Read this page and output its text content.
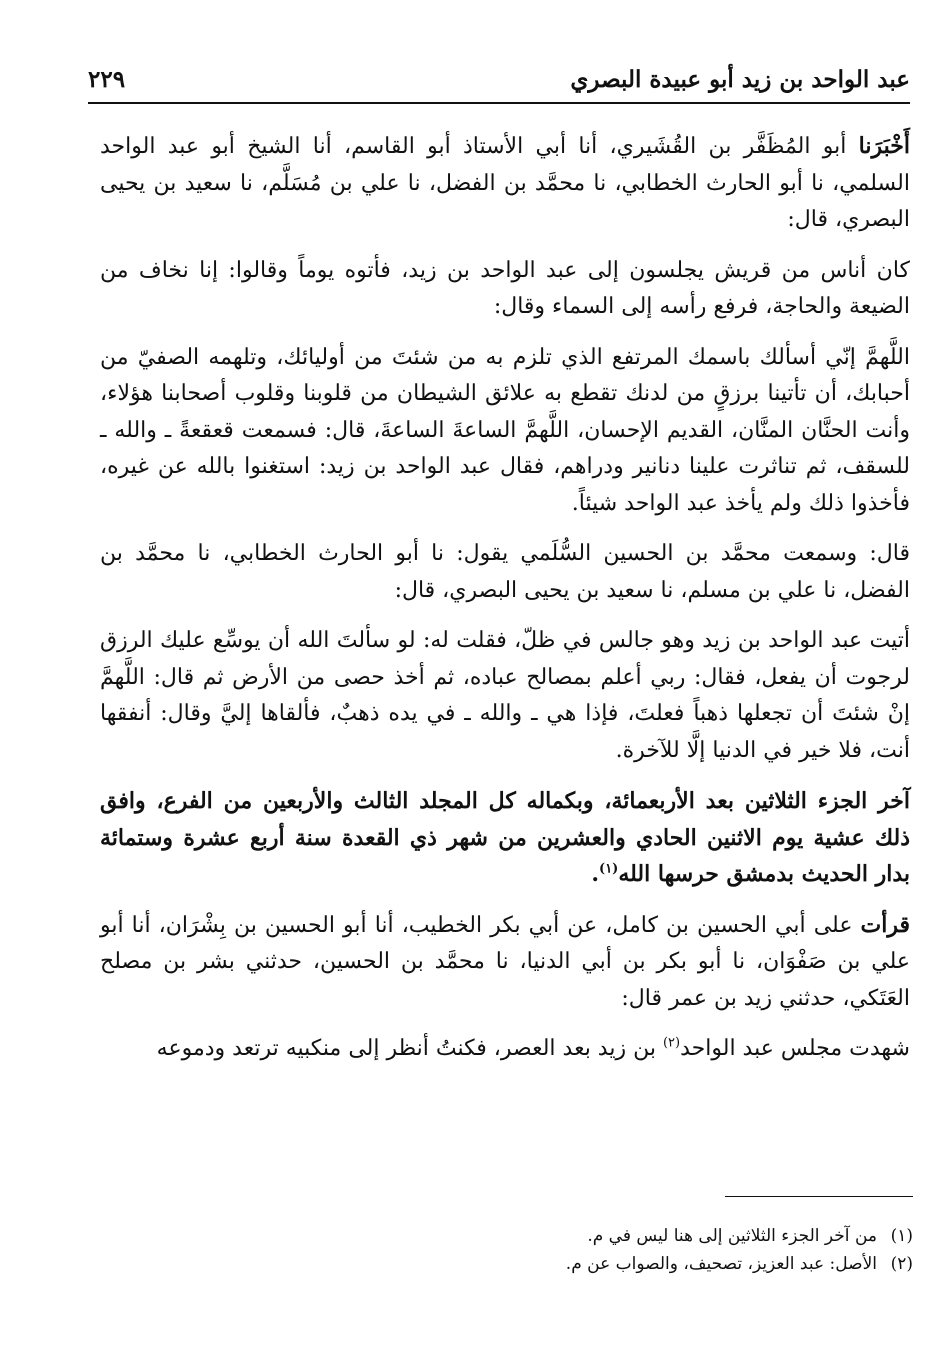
عبد الواحد بن زيد أبو عبيدة البصري
٢٢٩

أَخْبَرَنا أبو المُظَفَّر بن القُشَيري، أنا أبي الأستاذ أبو القاسم، أنا الشيخ أبو عبد الواحد السلمي، نا أبو الحارث الخطابي، نا محمَّد بن الفضل، نا علي بن مُسَلَّم، نا سعيد بن يحيى البصري، قال:

كان أناس من قريش يجلسون إلى عبد الواحد بن زيد، فأتوه يوماً وقالوا: إنا نخاف من الضيعة والحاجة، فرفع رأسه إلى السماء وقال:

اللَّهمَّ إنّي أسألك باسمك المرتفع الذي تلزم به من شئتَ من أوليائك، وتلهمه الصفيّ من أحبابك، أن تأتينا برزقٍ من لدنك تقطع به علائق الشيطان من قلوبنا وقلوب أصحابنا هؤلاء، وأنت الحنَّان المنَّان، القديم الإحسان، اللَّهمَّ الساعةَ الساعةَ، قال: فسمعت قعقعةً ـ والله ـ للسقف، ثم تناثرت علينا دنانير ودراهم، فقال عبد الواحد بن زيد: استغنوا بالله عن غيره، فأخذوا ذلك ولم يأخذ عبد الواحد شيئاً.

قال: وسمعت محمَّد بن الحسين السُّلَمي يقول: نا أبو الحارث الخطابي، نا محمَّد بن الفضل، نا علي بن مسلم، نا سعيد بن يحيى البصري، قال:

أتيت عبد الواحد بن زيد وهو جالس في ظلّ، فقلت له: لو سألتَ الله أن يوسِّع عليك الرزق لرجوت أن يفعل، فقال: ربي أعلم بمصالح عباده، ثم أخذ حصى من الأرض ثم قال: اللَّهمَّ إنْ شئتَ أن تجعلها ذهباً فعلتَ، فإذا هي ـ والله ـ في يده ذهبٌ، فألقاها إليَّ وقال: أنفقها أنت، فلا خير في الدنيا إلَّا للآخرة.

آخر الجزء الثلاثين بعد الأربعمائة، وبكماله كل المجلد الثالث والأربعين من الفرع، وافق ذلك عشية يوم الاثنين الحادي والعشرين من شهر ذي القعدة سنة أربع عشرة وستمائة بدار الحديث بدمشق حرسها الله$^{(١)}$.

قرأت على أبي الحسين بن كامل، عن أبي بكر الخطيب، أنا أبو الحسين بن بِشْرَان، أنا أبو علي بن صَفْوَان، نا أبو بكر بن أبي الدنيا، نا محمَّد بن الحسين، حدثني بشر بن مصلح العَتَكي، حدثني زيد بن عمر قال:

شهدت مجلس عبد الواحد$^{(٢)}$ بن زيد بعد العصر، فكنتُ أنظر إلى منكبيه ترتعد ودموعه

(١)من آخر الجزء الثلاثين إلى هنا ليس في م.
(٢)الأصل: عبد العزيز، تصحيف، والصواب عن م.
